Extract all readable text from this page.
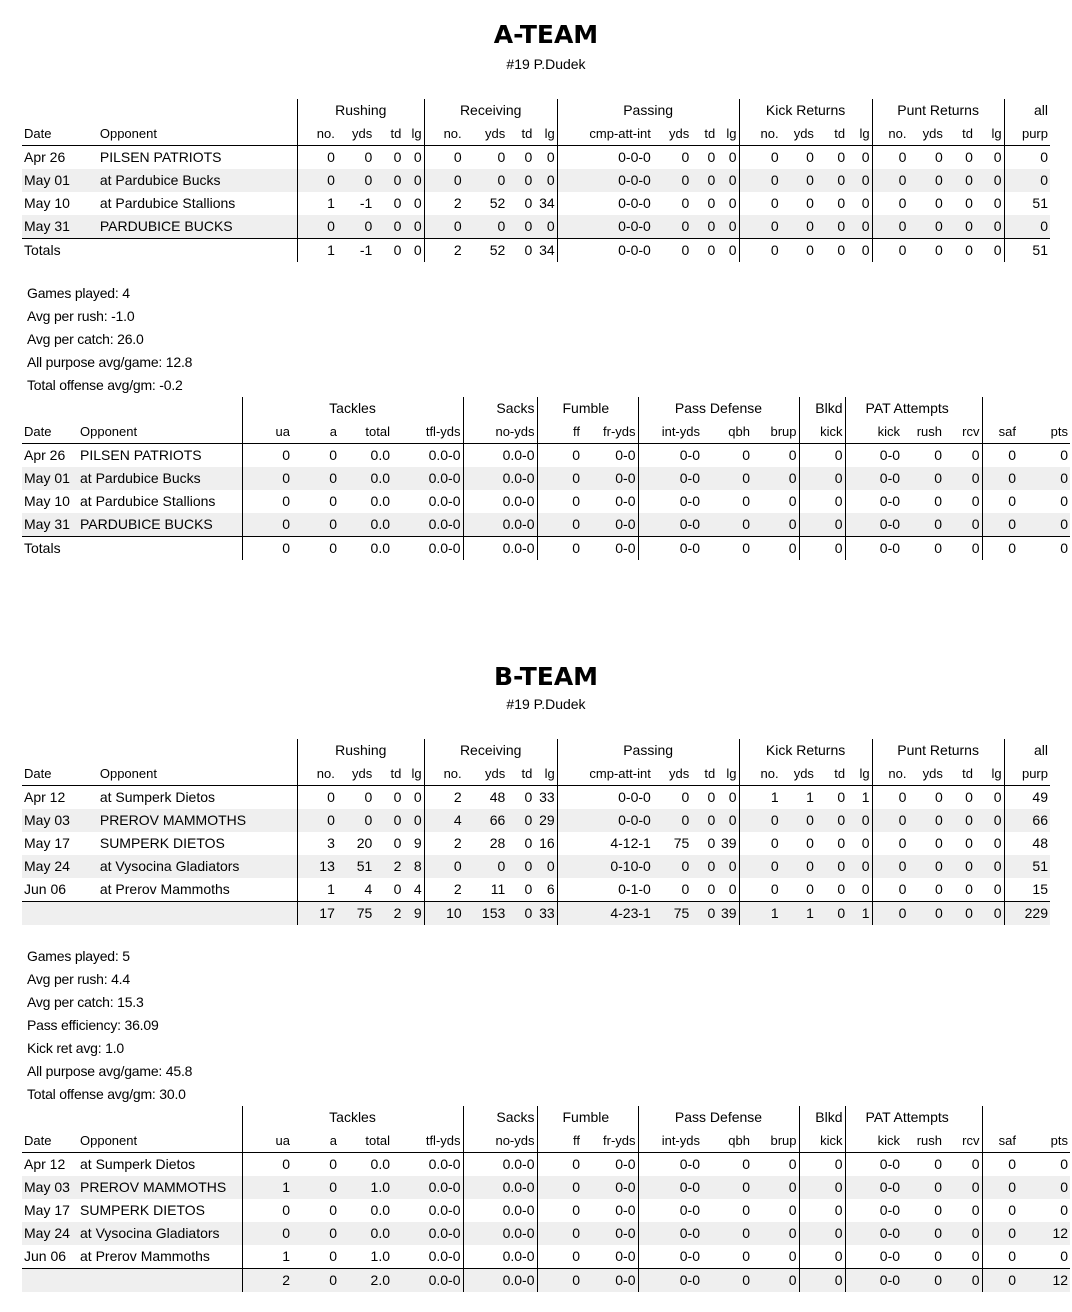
A-TEAM
#19 P.Dudek
		Rushing				Receiving				Passing				Kick Returns				Punt Returns				all
Date	Opponent	no.	yds	td	lg	no.	yds	td	lg	cmp-att-int	yds	td	lg	no.	yds	td	lg	no.	yds	td	lg	purp
Apr 26	PILSEN PATRIOTS	0	0	0	0	0	0	0	0	0-0-0	0	0	0	0	0	0	0	0	0	0	0	0
May 01	at Pardubice Bucks	0	0	0	0	0	0	0	0	0-0-0	0	0	0	0	0	0	0	0	0	0	0	0
May 10	at Pardubice Stallions	1	-1	0	0	2	52	0	34	0-0-0	0	0	0	0	0	0	0	0	0	0	0	51
May 31	PARDUBICE BUCKS	0	0	0	0	0	0	0	0	0-0-0	0	0	0	0	0	0	0	0	0	0	0	0
Totals		1	-1	0	0	2	52	0	34	0-0-0	0	0	0	0	0	0	0	0	0	0	0	51
Games played: 4
Avg per rush: -1.0
Avg per catch: 26.0
All purpose avg/game: 12.8
Total offense avg/gm: -0.2
		Tackles				Sacks	Fumble		Pass Defense			Blkd	PAT Attempts				
Date	Opponent	ua	a	total	tfl-yds	no-yds	ff	fr-yds	int-yds	qbh	brup	kick	kick	rush	rcv	saf	pts
Apr 26	PILSEN PATRIOTS	0	0	0.0	0.0-0	0.0-0	0	0-0	0-0	0	0	0	0-0	0	0	0	0
May 01	at Pardubice Bucks	0	0	0.0	0.0-0	0.0-0	0	0-0	0-0	0	0	0	0-0	0	0	0	0
May 10	at Pardubice Stallions	0	0	0.0	0.0-0	0.0-0	0	0-0	0-0	0	0	0	0-0	0	0	0	0
May 31	PARDUBICE BUCKS	0	0	0.0	0.0-0	0.0-0	0	0-0	0-0	0	0	0	0-0	0	0	0	0
Totals		0	0	0.0	0.0-0	0.0-0	0	0-0	0-0	0	0	0	0-0	0	0	0	0
B-TEAM
#19 P.Dudek
		Rushing				Receiving				Passing				Kick Returns				Punt Returns				all
Date	Opponent	no.	yds	td	lg	no.	yds	td	lg	cmp-att-int	yds	td	lg	no.	yds	td	lg	no.	yds	td	lg	purp
Apr 12	at Sumperk Dietos	0	0	0	0	2	48	0	33	0-0-0	0	0	0	1	1	0	1	0	0	0	0	49
May 03	PREROV MAMMOTHS	0	0	0	0	4	66	0	29	0-0-0	0	0	0	0	0	0	0	0	0	0	0	66
May 17	SUMPERK DIETOS	3	20	0	9	2	28	0	16	4-12-1	75	0	39	0	0	0	0	0	0	0	0	48
May 24	at Vysocina Gladiators	13	51	2	8	0	0	0	0	0-10-0	0	0	0	0	0	0	0	0	0	0	0	51
Jun 06	at Prerov Mammoths	1	4	0	4	2	11	0	6	0-1-0	0	0	0	0	0	0	0	0	0	0	0	15
		17	75	2	9	10	153	0	33	4-23-1	75	0	39	1	1	0	1	0	0	0	0	229
Games played: 5
Avg per rush: 4.4
Avg per catch: 15.3
Pass efficiency: 36.09
Kick ret avg: 1.0
All purpose avg/game: 45.8
Total offense avg/gm: 30.0
		Tackles				Sacks	Fumble		Pass Defense			Blkd	PAT Attempts				
Date	Opponent	ua	a	total	tfl-yds	no-yds	ff	fr-yds	int-yds	qbh	brup	kick	kick	rush	rcv	saf	pts
Apr 12	at Sumperk Dietos	0	0	0.0	0.0-0	0.0-0	0	0-0	0-0	0	0	0	0-0	0	0	0	0
May 03	PREROV MAMMOTHS	1	0	1.0	0.0-0	0.0-0	0	0-0	0-0	0	0	0	0-0	0	0	0	0
May 17	SUMPERK DIETOS	0	0	0.0	0.0-0	0.0-0	0	0-0	0-0	0	0	0	0-0	0	0	0	0
May 24	at Vysocina Gladiators	0	0	0.0	0.0-0	0.0-0	0	0-0	0-0	0	0	0	0-0	0	0	0	12
Jun 06	at Prerov Mammoths	1	0	1.0	0.0-0	0.0-0	0	0-0	0-0	0	0	0	0-0	0	0	0	0
		2	0	2.0	0.0-0	0.0-0	0	0-0	0-0	0	0	0	0-0	0	0	0	12
